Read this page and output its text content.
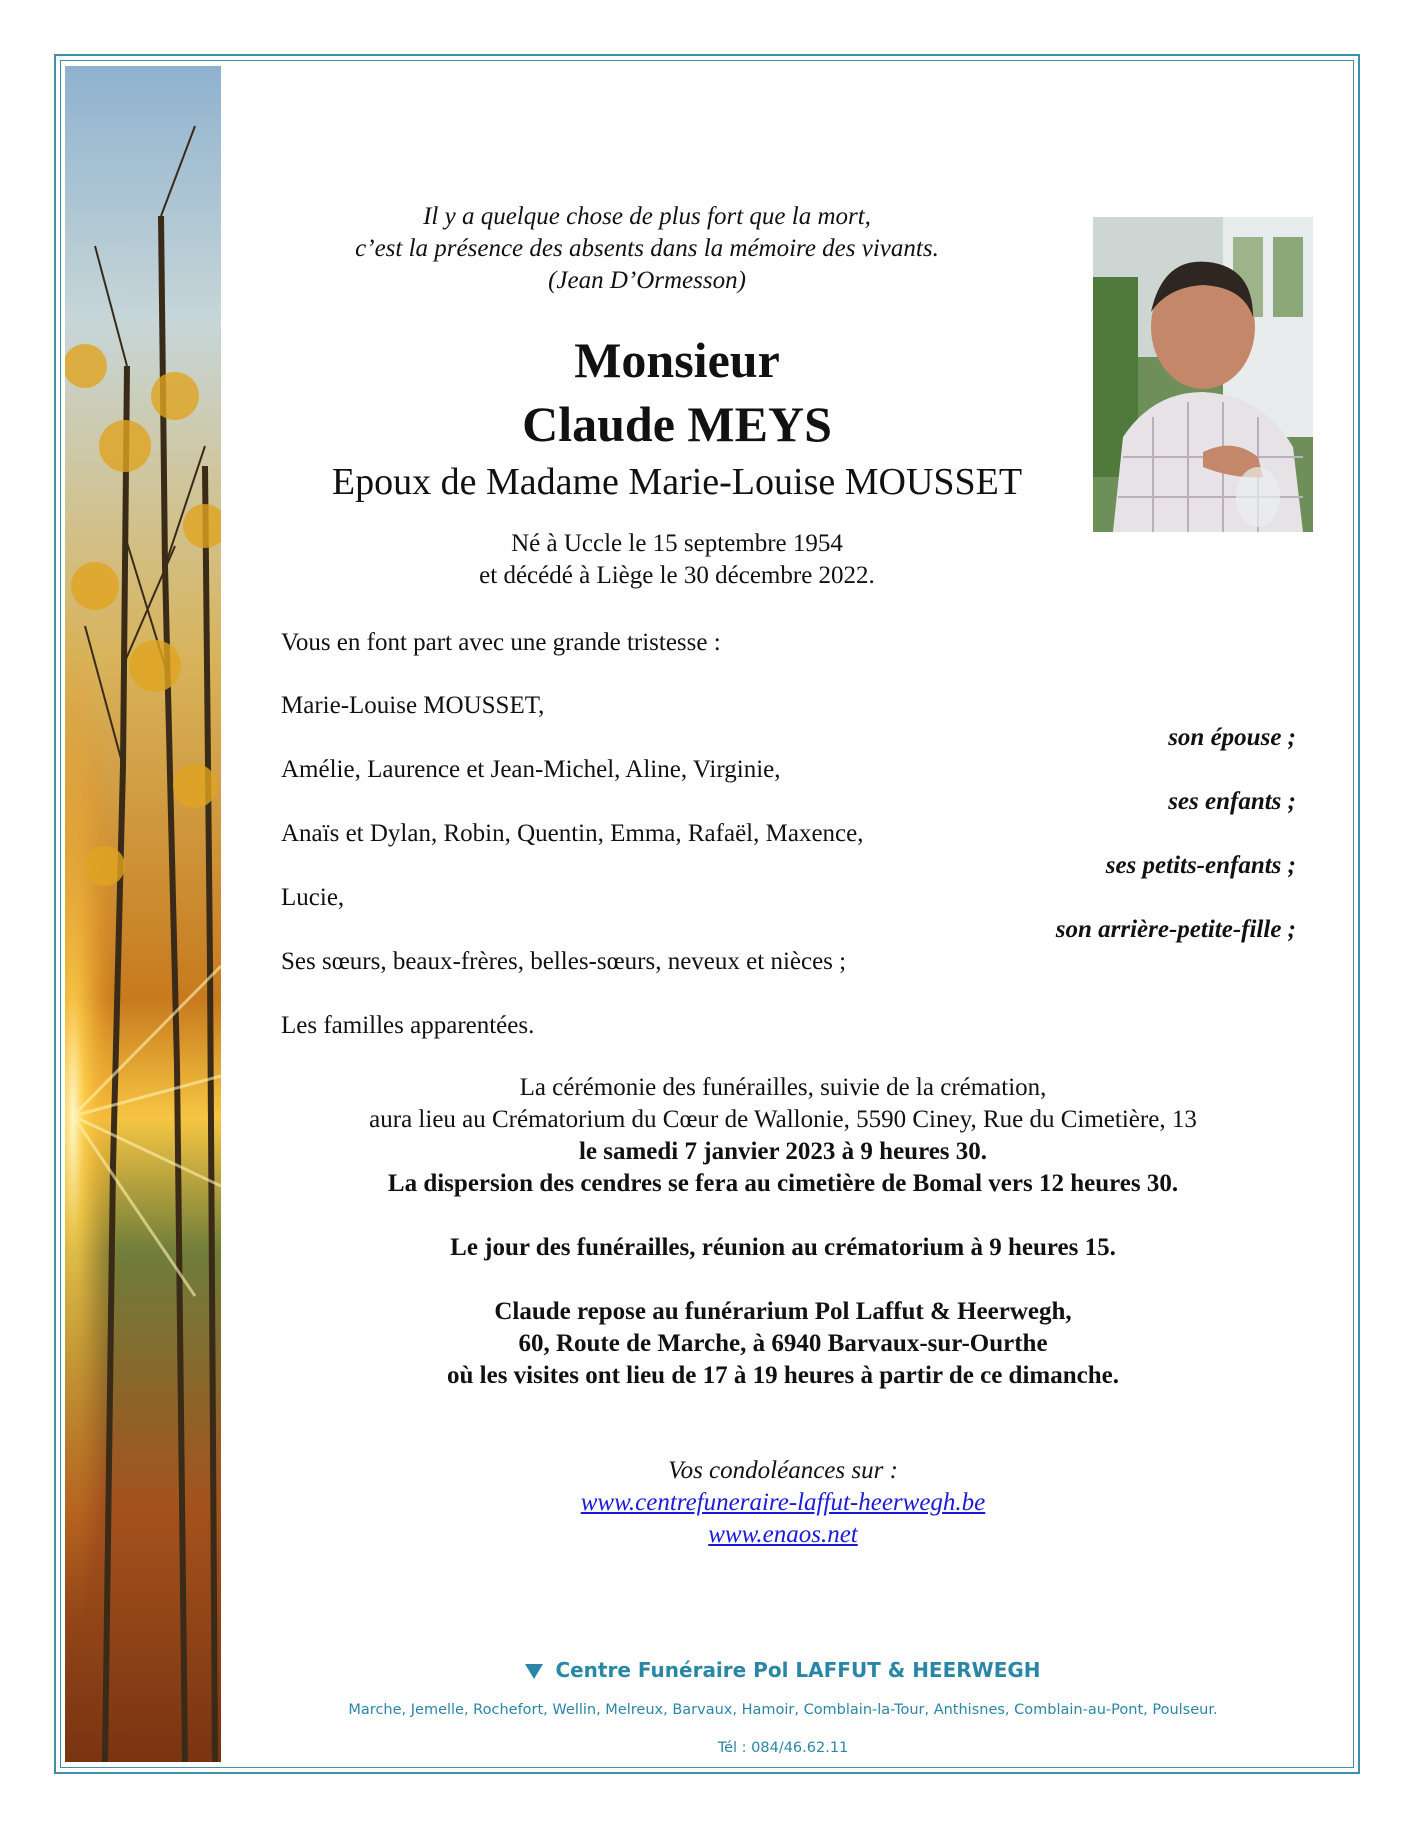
Il y a quelque chose de plus fort que la mort,
c’est la présence des absents dans la mémoire des vivants.
(Jean D’Ormesson)
Monsieur
Claude MEYS
Epoux de Madame Marie-Louise MOUSSET
Né à Uccle le 15 septembre 1954
et décédé à Liège le 30 décembre 2022.
Vous en font part avec une grande tristesse :
Marie-Louise MOUSSET,
son épouse ;
Amélie, Laurence et Jean-Michel, Aline, Virginie,
ses enfants ;
Anaïs et Dylan, Robin, Quentin, Emma, Rafaël, Maxence,
ses petits-enfants ;
Lucie,
son arrière-petite-fille ;
Ses sœurs, beaux-frères, belles-sœurs, neveux et nièces ;
Les familles apparentées.
La cérémonie des funérailles, suivie de la crémation,
aura lieu au Crématorium du Cœur de Wallonie, 5590 Ciney, Rue du Cimetière, 13
le samedi 7 janvier 2023 à 9 heures 30.
La dispersion des cendres se fera au cimetière de Bomal vers 12 heures 30.
Le jour des funérailles, réunion au crématorium à 9 heures 15.
Claude repose au funérarium Pol Laffut & Heerwegh,
60, Route de Marche, à 6940 Barvaux-sur-Ourthe
où les visites ont lieu de 17 à 19 heures à partir de ce dimanche.
Vos condoléances sur :
www.centrefuneraire-laffut-heerwegh.be
www.enaos.net
Centre Funéraire Pol LAFFUT & HEERWEGH
Marche, Jemelle, Rochefort, Wellin, Melreux, Barvaux, Hamoir, Comblain-la-Tour, Anthisnes, Comblain-au-Pont, Poulseur.
Tél : 084/46.62.11
